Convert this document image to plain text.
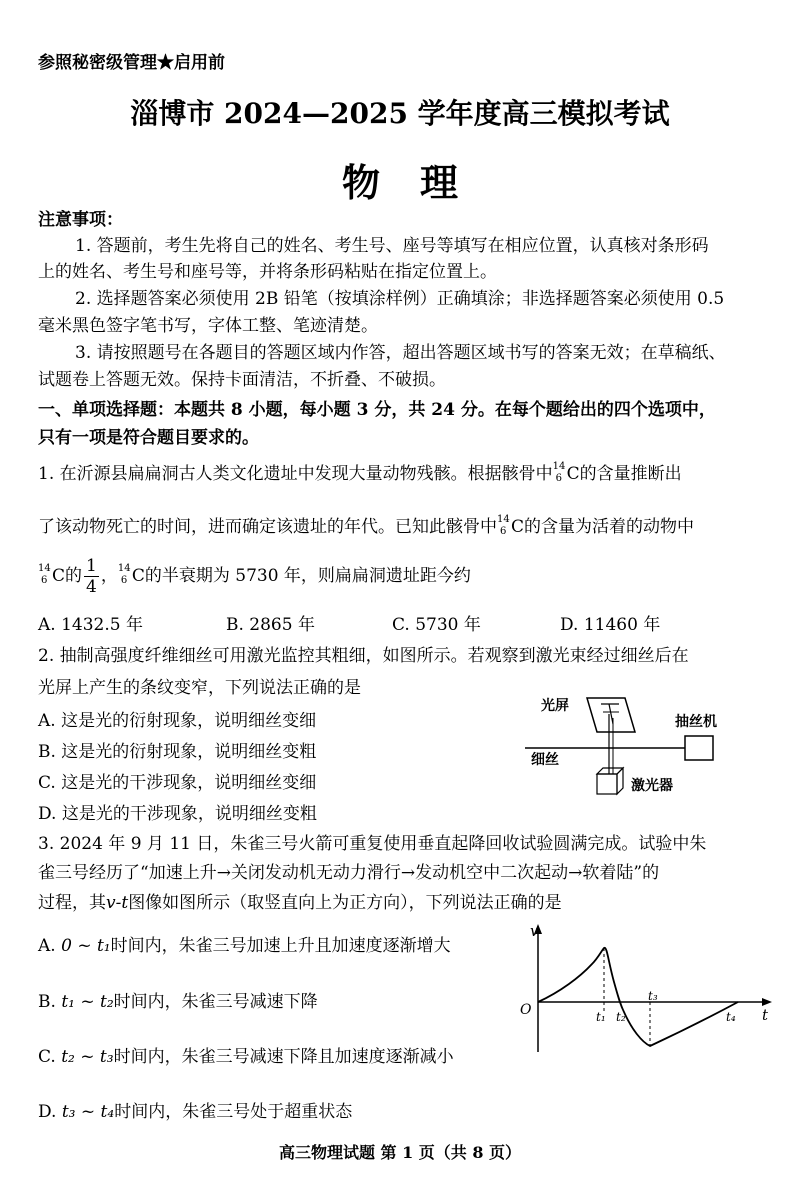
参照秘密级管理★启用前
淄博市 2024—2025 学年度高三模拟考试
物理
注意事项：
1. 答题前，考生先将自己的姓名、考生号、座号等填写在相应位置，认真核对条形码
上的姓名、考生号和座号等，并将条形码粘贴在指定位置上。
2. 选择题答案必须使用 2B 铅笔（按填涂样例）正确填涂；非选择题答案必须使用 0.5
毫米黑色签字笔书写，字体工整、笔迹清楚。
3. 请按照题号在各题目的答题区域内作答，超出答题区域书写的答案无效；在草稿纸、
试题卷上答题无效。保持卡面清洁，不折叠、不破损。
一、单项选择题：本题共 8 小题，每小题 3 分，共 24 分。在每个题给出的四个选项中，
只有一项是符合题目要求的。
1. 在沂源县扁扁洞古人类文化遗址中发现大量动物残骸。根据骸骨中 14
6 C的含量推断出
了该动物死亡的时间，进而确定该遗址的年代。已知此骸骨中 14
6 C的含量为活着的动物中
14
6 C的 $\frac{1}{4}$ ， 14
6 C的半衰期为 5730 年，则扁扁洞遗址距今约
A. 1432.5 年	B. 2865 年	C. 5730 年	D. 11460 年
2. 抽制高强度纤维细丝可用激光监控其粗细，如图所示。若观察到激光束经过细丝后在
光屏上产生的条纹变窄，下列说法正确的是
A. 这是光的衍射现象，说明细丝变细
B. 这是光的衍射现象，说明细丝变粗
C. 这是光的干涉现象，说明细丝变细
D. 这是光的干涉现象，说明细丝变粗
光屏
抽丝机
细丝
激光器
3. 2024 年 9 月 11 日，朱雀三号火箭可重复使用垂直起降回收试验圆满完成。试验中朱
雀三号经历了“加速上升→关闭发动机无动力滑行→发动机空中二次起动→软着陆”的
过程，其v-t图像如图所示（取竖直向上为正方向），下列说法正确的是
A. 0 ~ t₁时间内，朱雀三号加速上升且加速度逐渐增大
B. t₁ ~ t₂时间内，朱雀三号减速下降
C. t₂ ~ t₃时间内，朱雀三号减速下降且加速度逐渐减小
D. t₃ ~ t₄时间内，朱雀三号处于超重状态
v
t
O	t₁ t₂
t₃
t₄
高三物理试题 第 1 页（共 8 页）
